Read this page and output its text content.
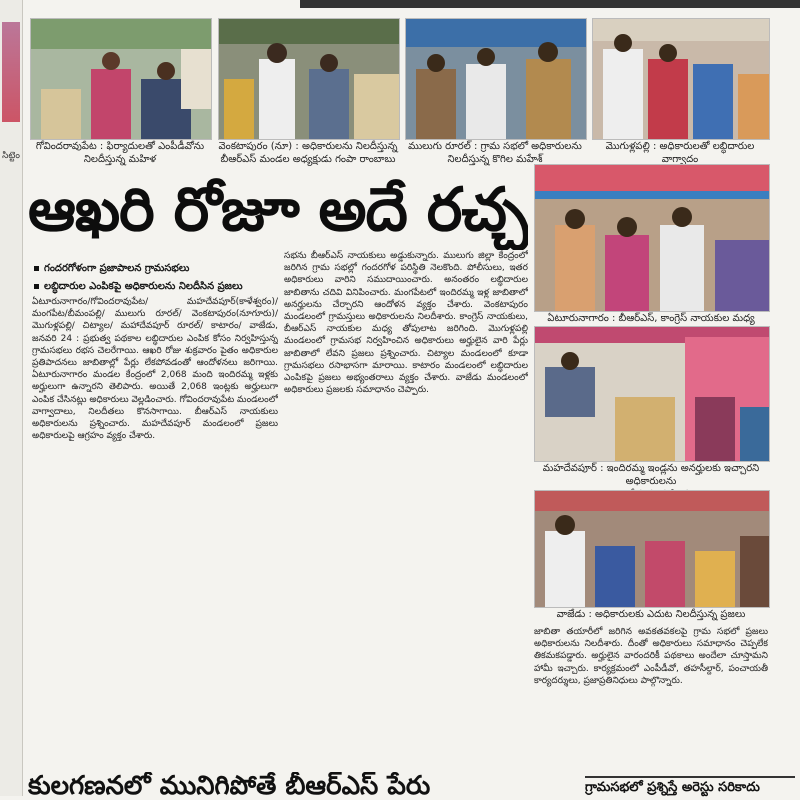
సిట్టెం
గోవిందరావుపేట : ఫిర్యాదులతో ఎంపీడీవోను
నిలదీస్తున్న మహిళ
వెంకటాపురం (నూ) : అధికారులను నిలదీస్తున్న
బీఆర్‌ఎస్ మండల అధ్యక్షుడు గంపా రాంబాబు
ములుగు రూరల్ : గ్రామ సభలో అధికారులను
నిలదీస్తున్న కొగిల మహేశ్
మొగుళ్లపల్లి : అధికారులతో లబ్ధిదారుల వాగ్వాదం
ఆఖరి రోజూ అదే రచ్చ
గందరగోళంగా ప్రజాపాలన గ్రామసభలు
లబ్ధిదారుల ఎంపికపై అధికారులను నిలదీసిన ప్రజలు
ఏటూరునాగారం/గోవిందరావుపేట/ మహదేవపూర్(కాళేశ్వరం)/ మంగపేట/బీమంపల్లి/ ములుగు రూరల్/ వెంకటాపురం(నూగూరు)/ మొగుళ్లపల్లి/ చిట్యాల/ మహాదేవపూర్ రూరల్/ కాటారం/ వాజేడు, జనవరి 24 : ప్రభుత్వ పథకాల లబ్ధిదారుల ఎంపిక కోసం నిర్వహిస్తున్న గ్రామసభలు రభస చెలరేగాయి. ఆఖరి రోజు శుక్రవారం పైతం అధికారుల ప్రతిపాదనలు జాబితాల్లో పేర్లు లేకపోవడంతో ఆందోళనలు జరిగాయి. ఏటూరునాగారం మండల కేంద్రంలో 2,068 మంది ఇందిరమ్మ ఇళ్లకు అర్హులుగా ఉన్నారని తెలిపారు. అయితే 2,068 ఇంట్లకు అర్హులుగా ఎంపిక చేసినట్లు అధికారులు వెల్లడించారు. గోవిందరావుపేట మండలంలో వాగ్వాదాలు, నిలదీతలు కొనసాగాయి. బీఆర్‌ఎస్ నాయకులు అధికారులను ప్రశ్నించారు. మహదేవపూర్ మండలంలో ప్రజలు అధికారులపై ఆగ్రహం వ్యక్తం చేశారు.
సభను బీఆర్‌ఎస్ నాయకులు అడ్డుకున్నారు. ములుగు జిల్లా కేంద్రంలో జరిగిన గ్రామ సభల్లో గందరగోళ పరిస్థితి నెలకొంది. పోలీసులు, ఇతర అధికారులు వారిని సముదాయించారు. అనంతరం లబ్ధిదారుల జాబితాను చదివి వినిపించారు. మంగపేటలో ఇందిరమ్మ ఇళ్ల జాబితాలో అనర్హులను చేర్చారని ఆందోళన వ్యక్తం చేశారు. వెంకటాపురం మండలంలో గ్రామస్తులు అధికారులను నిలదీశారు. కాంగ్రెస్ నాయకులు, బీఆర్‌ఎస్ నాయకుల మధ్య తోపులాట జరిగింది. మొగుళ్లపల్లి మండలంలో గ్రామసభ నిర్వహించిన అధికారులు అర్హులైన వారి పేర్లు జాబితాలో లేవని ప్రజలు ప్రశ్నించారు. చిట్యాల మండలంలో కూడా గ్రామసభలు రసాభాసగా మారాయి. కాటారం మండలంలో లబ్ధిదారుల ఎంపికపై ప్రజలు అభ్యంతరాలు వ్యక్తం చేశారు. వాజేడు మండలంలో అధికారులు ప్రజలకు సమాధానం చెప్పారు.
ఏటూరునాగారం : బీఆర్‌ఎస్, కాంగ్రెస్ నాయకుల మధ్య
మహదేవపూర్ : ఇందిరమ్మ ఇండ్లను అనర్హులకు ఇచ్చారని అధికారులను
వాజేడు : అధికారులకు ఎదుట నిలదీస్తున్న ప్రజలు
జాబితా తయారీలో జరిగిన అవకతవకలపై గ్రామ సభలో ప్రజలు అధికారులను నిలదీశారు. దీంతో అధికారులు సమాధానం చెప్పలేక తికమకపడ్డారు. అర్హులైన వారందరికీ పథకాలు అందేలా చూస్తామని హామీ ఇచ్చారు. కార్యక్రమంలో ఎంపీడీవో, తహసీల్దార్, పంచాయతీ కార్యదర్శులు, ప్రజాప్రతినిధులు పాల్గొన్నారు.
కులగణనలో మునిగిపోతే బీఆర్‌ఎస్ పేరు	గ్రామసభలో ప్రశ్నిస్తే అరెస్టు సరికాదు
